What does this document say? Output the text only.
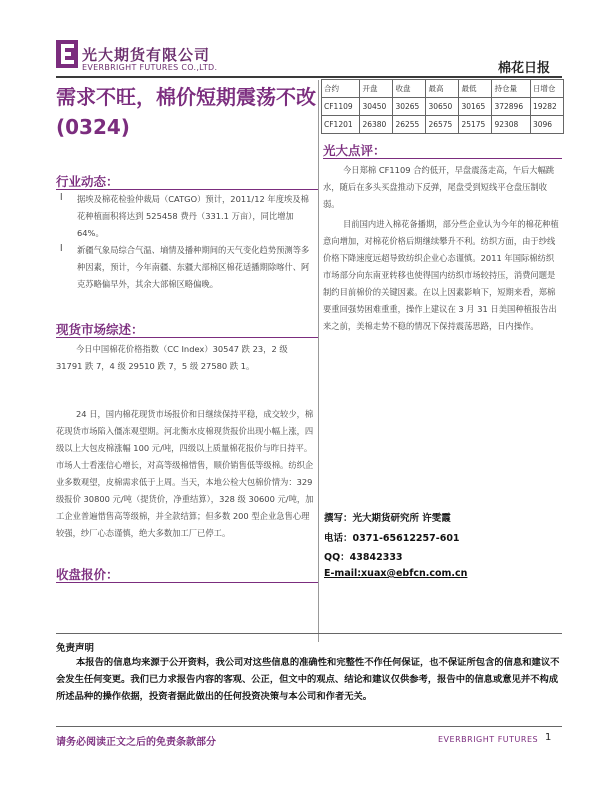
光大期货有限公司
EVERBRIGHT FUTURES CO.,LTD.	棉花日报
需求不旺，棉价短期震荡不改(0324)
行业动态：
l 据埃及棉花检验仲裁局（CATGO）预计，2011/12 年度埃及棉花种植面积将达到 525458 费丹（331.1 万亩），同比增加 64%。
l 新疆气象局综合气温、墒情及播种期间的天气变化趋势预测等多种因素，预计，今年南疆、东疆大部棉区棉花适播期除喀什、阿克苏略偏早外，其余大部棉区略偏晚。
现货市场综述：
今日中国棉花价格指数（CC Index）30547 跌 23，2 级 31791 跌 7，4 级 29510 跌 7，5 级 27580 跌 1。
24 日，国内棉花现货市场报价和日继续保持平稳，成交较少，棉花现货市场陷入僵冻观望期。河北衡水皮棉现货报价出现小幅上涨，四级以上大包皮棉涨幅 100 元/吨，四级以上质量棉花报价与昨日持平。市场人士看涨信心增长，对高等级棉惜售，顺价销售低等级棉。纺织企业多数观望，皮棉需求低于上周。当天，本地公检大包棉价情为：329 级报价 30800 元/吨（提货价，净重结算），328 级 30600 元/吨，加工企业普遍惜售高等级棉，并全款结算；但多数 200 型企业急售心理较强，纱厂心态谨慎，绝大多数加工厂已停工。
收盘报价：
合约	开盘	收盘	最高	最低	持仓量	日增仓
CF1109	30450	30265	30650	30165	372896	19282
CF1201	26380	26255	26575	25175	92308	3096
光大点评：
今日郑棉 CF1109 合约低开，早盘震荡走高，午后大幅跳水，随后在多头买盘推动下反弹，尾盘受到短线平仓盘压制收弱。
目前国内进入棉花备播期，部分些企业认为今年的棉花种植意向增加，对棉花价格后期继续攀升不利。纺织方面，由于纱线价格下降速度远超导致纺织企业心态谨慎。2011 年国际棉纺织市场部分向东南亚转移也使得国内纺织市场较持压，消费问题是制约目前棉价的关键因素。在以上因素影响下，短期来看，郑棉要重回强势困难重重，操作上建议在 3 月 31 日美国种植报告出来之前，美棉走势不稳的情况下保持震荡思路，日内操作。
撰写：光大期货研究所 许雯霞
电话：0371-65612257-601
QQ：43842333
E-mail:xuax@ebfcn.com.cn
免责声明
本报告的信息均来源于公开资料，我公司对这些信息的准确性和完整性不作任何保证，也不保证所包含的信息和建议不会发生任何变更。我们已力求报告内容的客观、公正，但文中的观点、结论和建议仅供参考，报告中的信息或意见并不构成所述品种的操作依据，投资者据此做出的任何投资决策与本公司和作者无关。
请务必阅读正文之后的免责条款部分	EVERBRIGHT FUTURES 1
